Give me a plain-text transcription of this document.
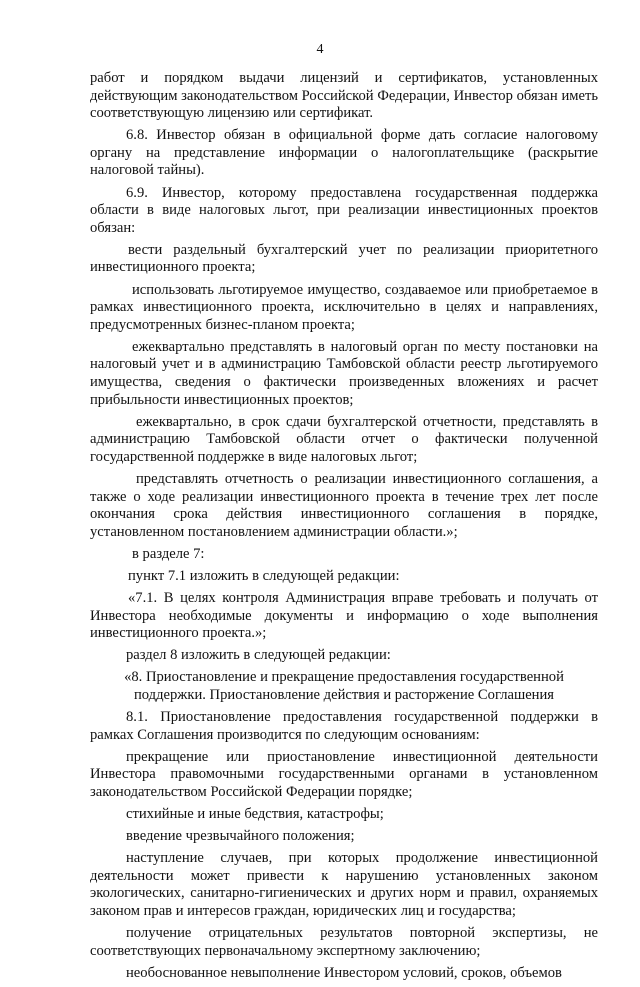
4

работ и порядком выдачи лицензий и сертификатов, установленных действующим законодательством Российской Федерации, Инвестор обязан иметь соответствующую лицензию или сертификат.

6.8. Инвестор обязан в официальной форме дать согласие налоговому органу на представление информации о налогоплательщике (раскрытие налоговой тайны).

6.9. Инвестор, которому предоставлена государственная поддержка области в виде налоговых льгот, при реализации инвестиционных проектов обязан:

вести раздельный бухгалтерский учет по реализации приоритетного инвестиционного проекта;

использовать льготируемое имущество, создаваемое или приобретаемое в рамках инвестиционного проекта, исключительно в целях и направлениях, предусмотренных бизнес-планом проекта;

ежеквартально представлять в налоговый орган по месту постановки на налоговый учет и в администрацию Тамбовской области реестр льготируемого имущества, сведения о фактически произведенных вложениях и расчет прибыльности инвестиционных проектов;

ежеквартально, в срок сдачи бухгалтерской отчетности, представлять в администрацию Тамбовской области отчет о фактически полученной государственной поддержке в виде налоговых льгот;

представлять отчетность о реализации инвестиционного соглашения, а также о ходе реализации инвестиционного проекта в течение трех лет после окончания срока действия инвестиционного соглашения в порядке, установленном постановлением администрации области.»;

в разделе 7:

пункт 7.1 изложить в следующей редакции:

«7.1. В целях контроля Администрация вправе требовать и получать от Инвестора необходимые документы и информацию о ходе выполнения инвестиционного проекта.»;

раздел 8 изложить в следующей редакции:

«8. Приостановление и прекращение предоставления государственной поддержки. Приостановление действия и расторжение Соглашения

8.1. Приостановление предоставления государственной поддержки в рамках Соглашения производится по следующим основаниям:

прекращение или приостановление инвестиционной деятельности Инвестора правомочными государственными органами в установленном законодательством Российской Федерации порядке;

стихийные и иные бедствия, катастрофы;

введение чрезвычайного положения;

наступление случаев, при которых продолжение инвестиционной деятельности может привести к нарушению установленных законом экологических, санитарно-гигиенических и других норм и правил, охраняемых законом прав и интересов граждан, юридических лиц и государства;

получение отрицательных результатов повторной экспертизы, не соответствующих первоначальному экспертному заключению;

необоснованное невыполнение Инвестором условий, сроков, объемов
